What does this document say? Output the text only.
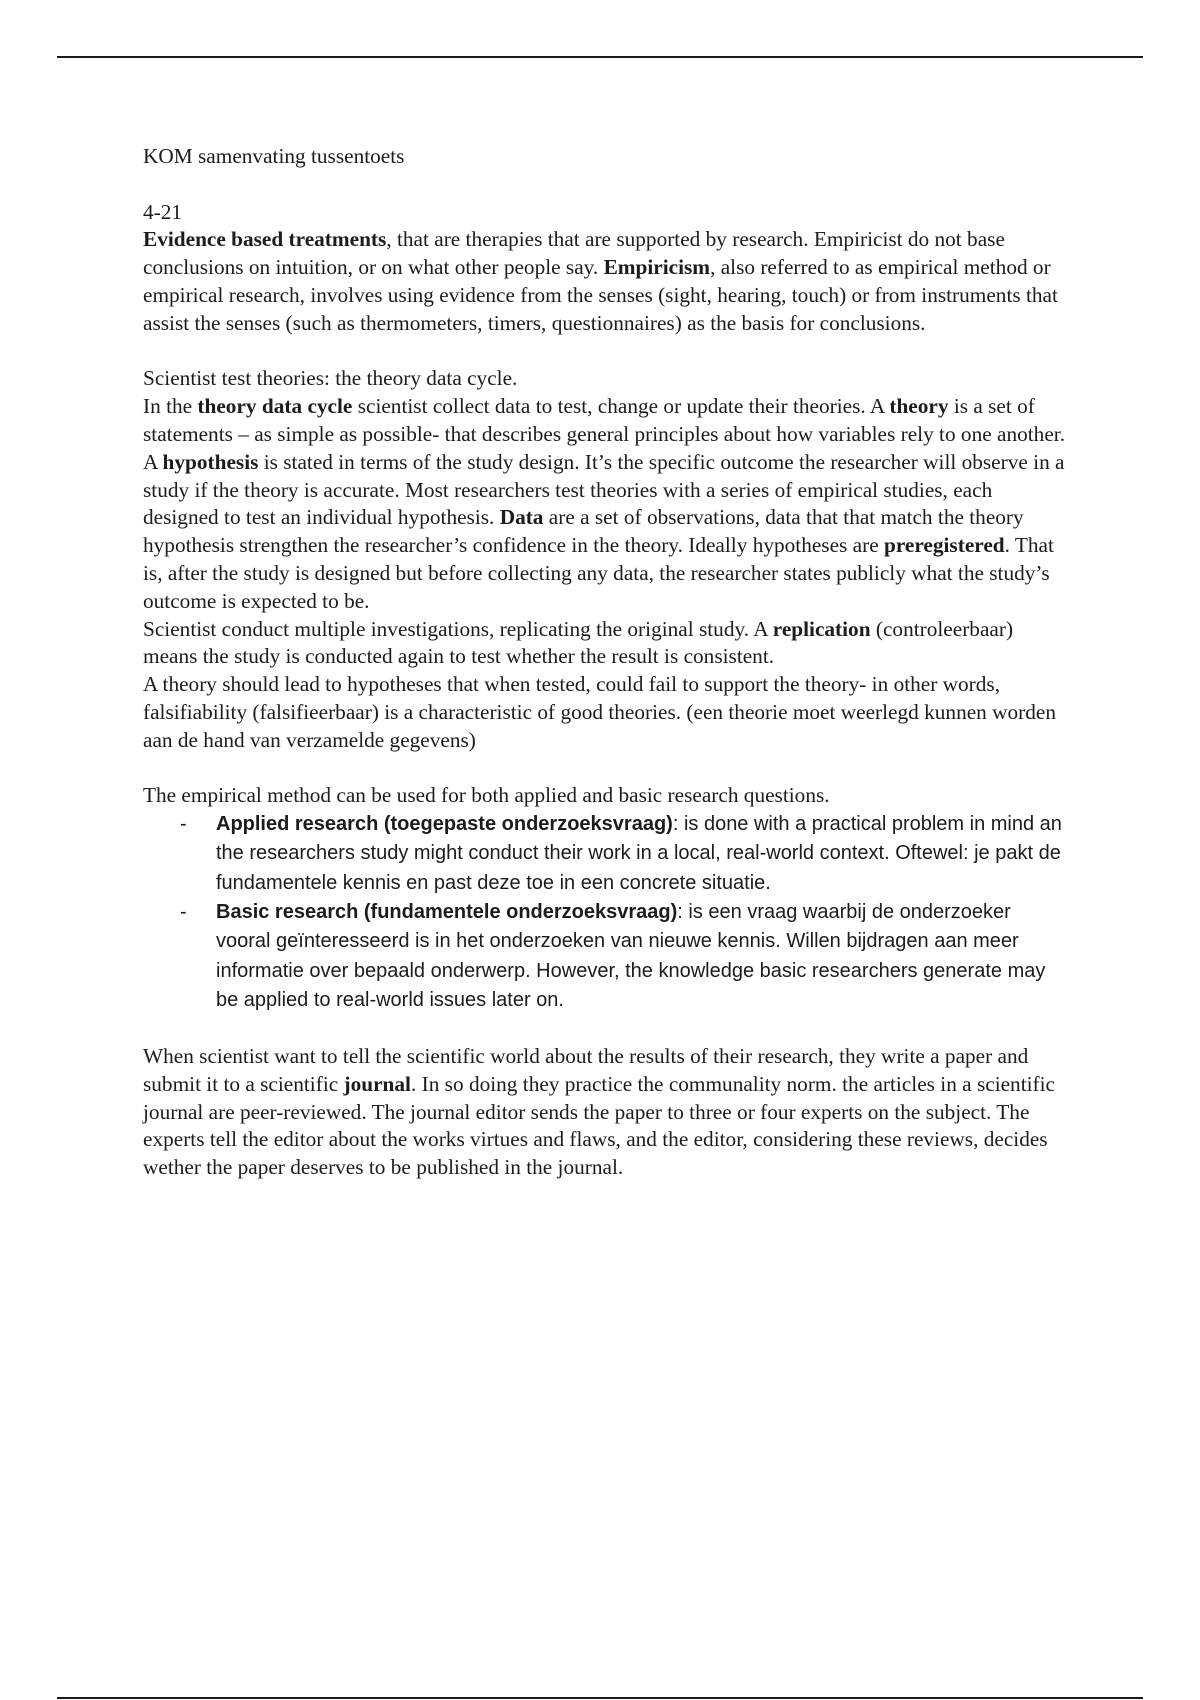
KOM samenvating tussentoets

4-21

Evidence based treatments, that are therapies that are supported by research. Empiricist do not base conclusions on intuition, or on what other people say. Empiricism, also referred to as empirical method or empirical research, involves using evidence from the senses (sight, hearing, touch) or from instruments that assist the senses (such as thermometers, timers, questionnaires) as the basis for conclusions.

Scientist test theories: the theory data cycle.

In the theory data cycle scientist collect data to test, change or update their theories. A theory is a set of statements – as simple as possible- that describes general principles about how variables rely to one another. A hypothesis is stated in terms of the study design. It’s the specific outcome the researcher will observe in a study if the theory is accurate. Most researchers test theories with a series of empirical studies, each designed to test an individual hypothesis. Data are a set of observations, data that that match the theory hypothesis strengthen the researcher’s confidence in the theory. Ideally hypotheses are preregistered. That is, after the study is designed but before collecting any data, the researcher states publicly what the study’s outcome is expected to be.

Scientist conduct multiple investigations, replicating the original study. A replication (controleerbaar) means the study is conducted again to test whether the result is consistent.

A theory should lead to hypotheses that when tested, could fail to support the theory- in other words, falsifiability (falsifieerbaar) is a characteristic of good theories. (een theorie moet weerlegd kunnen worden aan de hand van verzamelde gegevens)

The empirical method can be used for both applied and basic research questions.

- Applied research (toegepaste onderzoeksvraag): is done with a practical problem in mind an the researchers study might conduct their work in a local, real-world context. Oftewel: je pakt de fundamentele kennis en past deze toe in een concrete situatie.
- Basic research (fundamentele onderzoeksvraag): is een vraag waarbij de onderzoeker vooral geïnteresseerd is in het onderzoeken van nieuwe kennis. Willen bijdragen aan meer informatie over bepaald onderwerp. However, the knowledge basic researchers generate may be applied to real-world issues later on.

When scientist want to tell the scientific world about the results of their research, they write a paper and submit it to a scientific journal. In so doing they practice the communality norm. the articles in a scientific journal are peer-reviewed. The journal editor sends the paper to three or four experts on the subject. The experts tell the editor about the works virtues and flaws, and the editor, considering these reviews, decides wether the paper deserves to be published in the journal.
